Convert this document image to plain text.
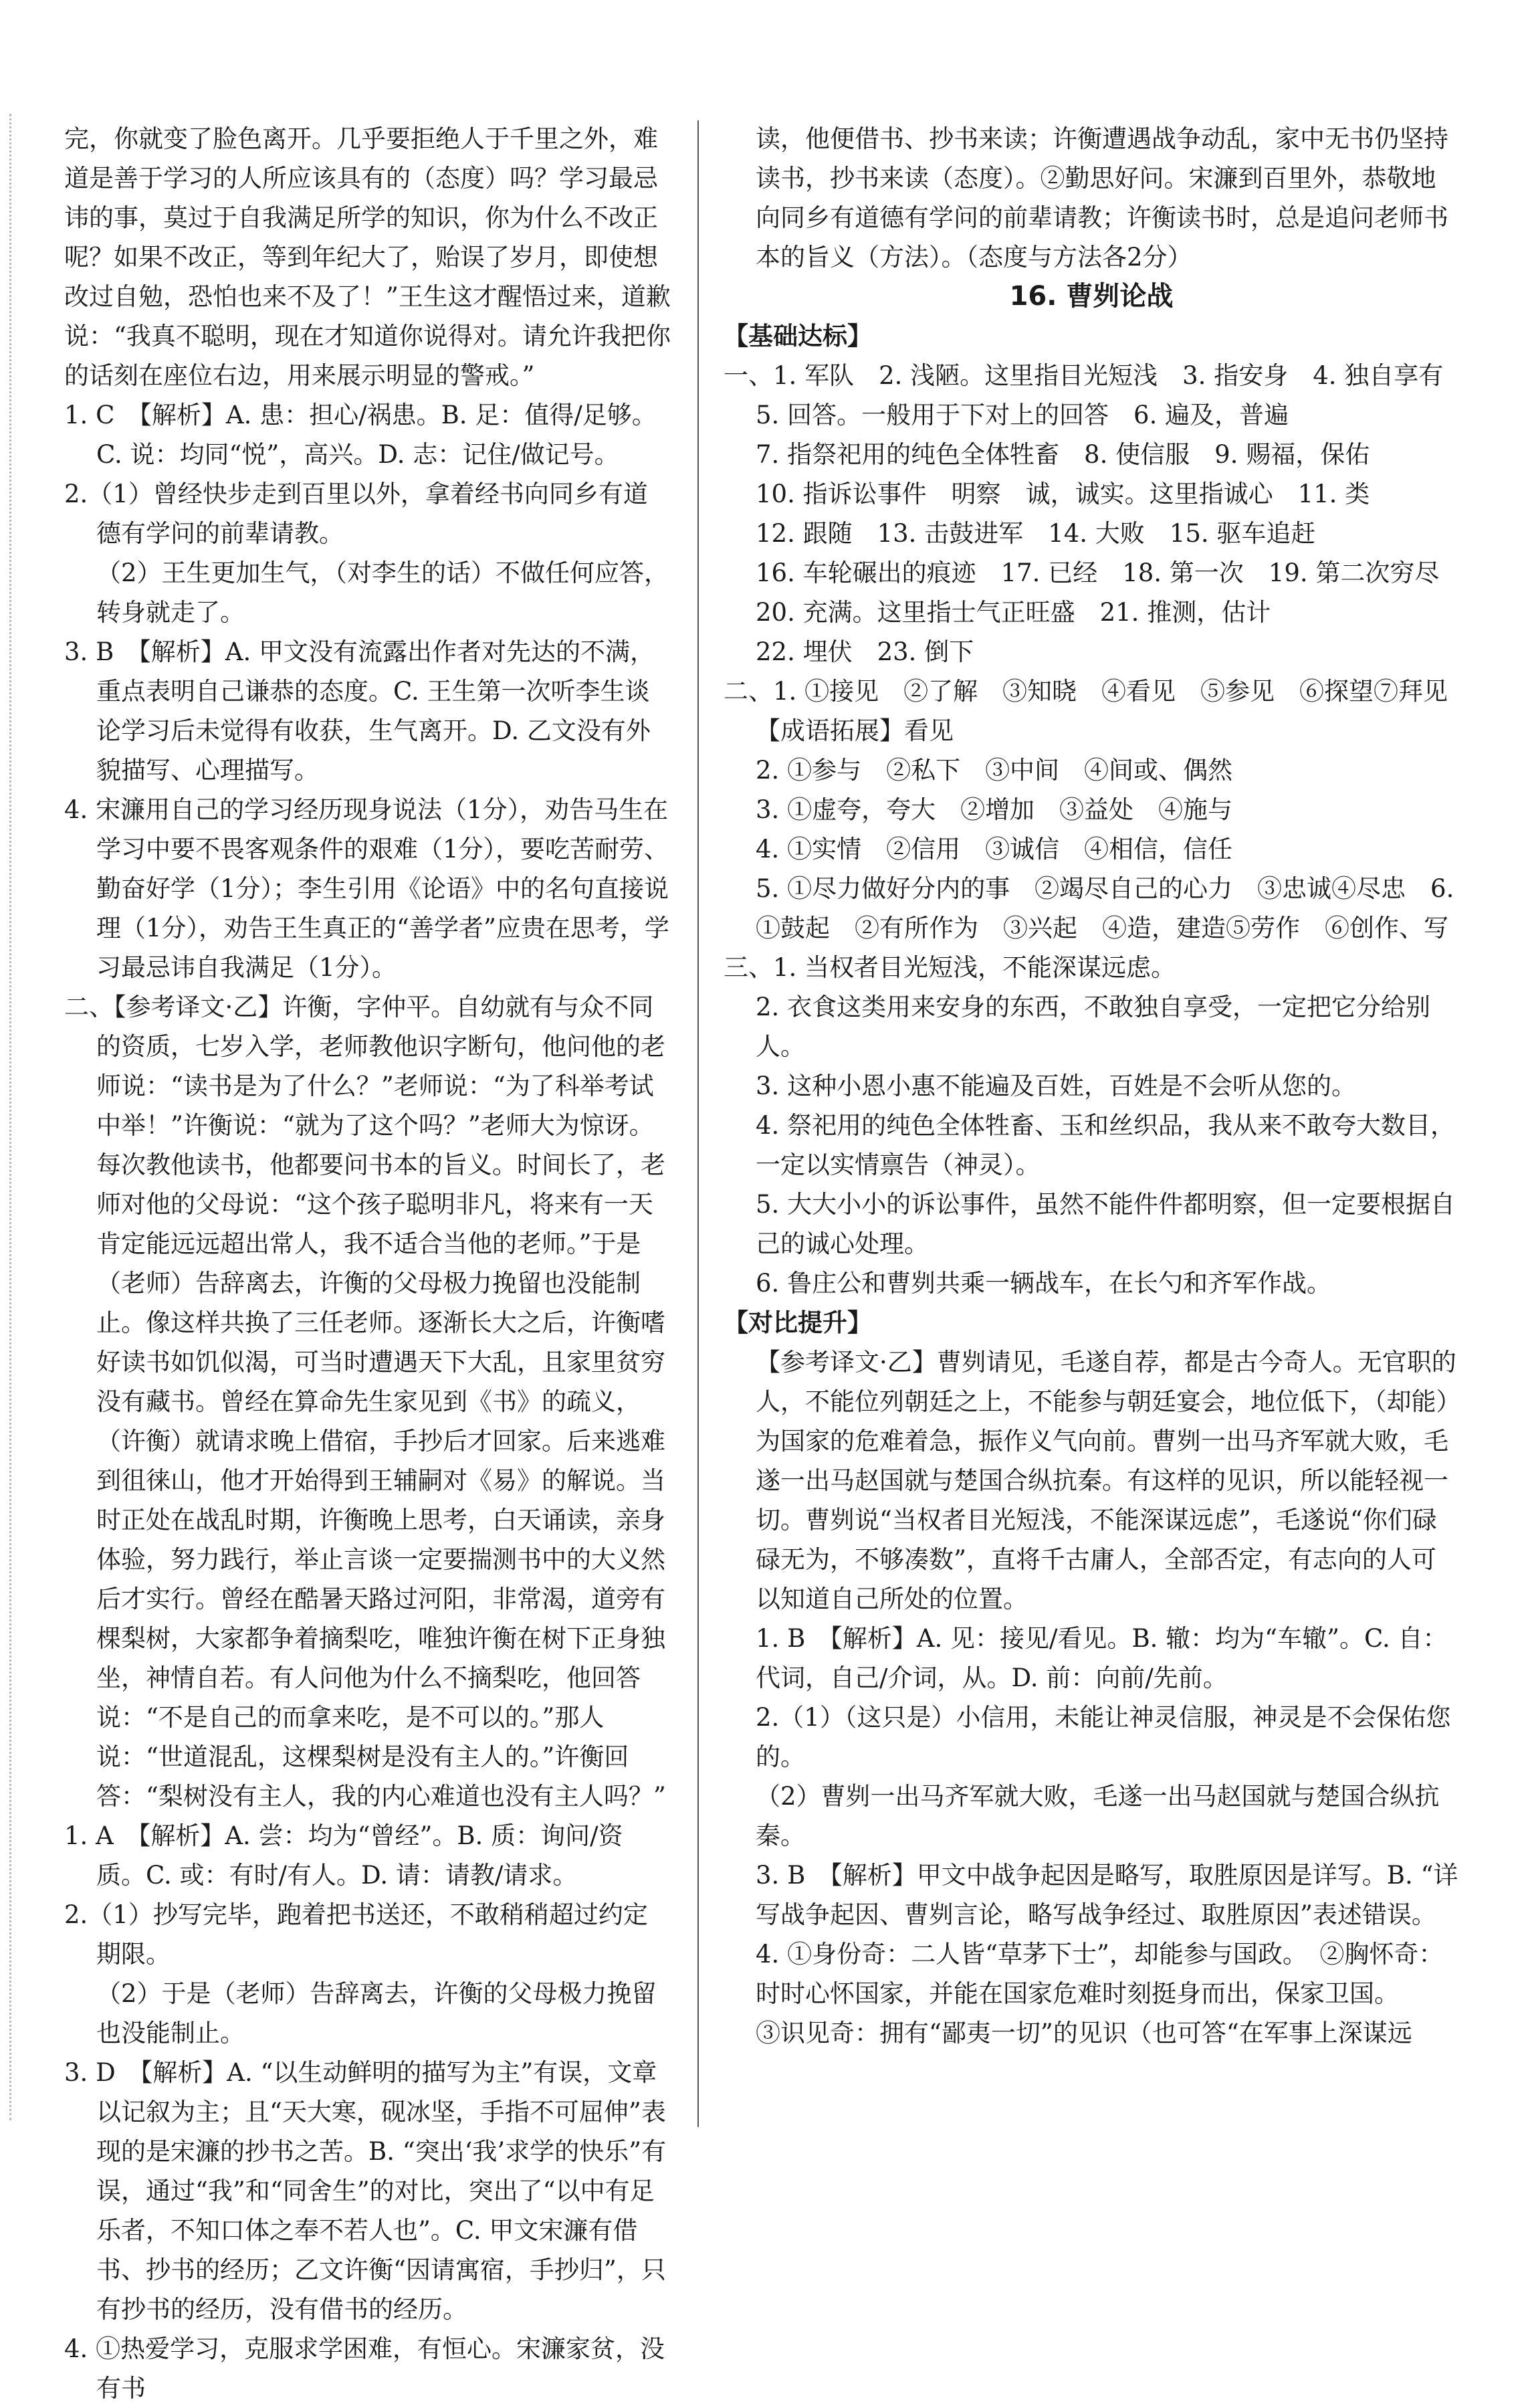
完，你就变了脸色离开。几乎要拒绝人于千里之外，难道是善于学习的人所应该具有的（态度）吗？学习最忌讳的事，莫过于自我满足所学的知识，你为什么不改正呢？如果不改正，等到年纪大了，贻误了岁月，即使想改过自勉，恐怕也来不及了！”王生这才醒悟过来，道歉说：“我真不聪明，现在才知道你说得对。请允许我把你的话刻在座位右边，用来展示明显的警戒。”

1. C　【解析】A. 患：担心/祸患。B. 足：值得/足够。C. 说：均同“悦”，高兴。D. 志：记住/做记号。

2.（1）曾经快步走到百里以外，拿着经书向同乡有道德有学问的前辈请教。

（2）王生更加生气，（对李生的话）不做任何应答，转身就走了。

3. B　【解析】A. 甲文没有流露出作者对先达的不满，重点表明自己谦恭的态度。C. 王生第一次听李生谈论学习后未觉得有收获，生气离开。D. 乙文没有外貌描写、心理描写。

4. 宋濂用自己的学习经历现身说法（1分），劝告马生在学习中要不畏客观条件的艰难（1分），要吃苦耐劳、勤奋好学（1分）；李生引用《论语》中的名句直接说理（1分），劝告王生真正的“善学者”应贵在思考，学习最忌讳自我满足（1分）。

二、【参考译文·乙】许衡，字仲平。自幼就有与众不同的资质，七岁入学，老师教他识字断句，他问他的老师说：“读书是为了什么？”老师说：“为了科举考试中举！”许衡说：“就为了这个吗？”老师大为惊讶。每次教他读书，他都要问书本的旨义。时间长了，老师对他的父母说：“这个孩子聪明非凡，将来有一天肯定能远远超出常人，我不适合当他的老师。”于是（老师）告辞离去，许衡的父母极力挽留也没能制止。像这样共换了三任老师。逐渐长大之后，许衡嗜好读书如饥似渴，可当时遭遇天下大乱，且家里贫穷没有藏书。曾经在算命先生家见到《书》的疏义，（许衡）就请求晚上借宿，手抄后才回家。后来逃难到徂徕山，他才开始得到王辅嗣对《易》的解说。当时正处在战乱时期，许衡晚上思考，白天诵读，亲身体验，努力践行，举止言谈一定要揣测书中的大义然后才实行。曾经在酷暑天路过河阳，非常渴，道旁有棵梨树，大家都争着摘梨吃，唯独许衡在树下正身独坐，神情自若。有人问他为什么不摘梨吃，他回答说：“不是自己的而拿来吃，是不可以的。”那人说：“世道混乱，这棵梨树是没有主人的。”许衡回答：“梨树没有主人，我的内心难道也没有主人吗？”

1. A　【解析】A. 尝：均为“曾经”。B. 质：询问/资质。C. 或：有时/有人。D. 请：请教/请求。

2.（1）抄写完毕，跑着把书送还，不敢稍稍超过约定期限。

（2）于是（老师）告辞离去，许衡的父母极力挽留也没能制止。

3. D　【解析】A. “以生动鲜明的描写为主”有误，文章以记叙为主；且“天大寒，砚冰坚，手指不可屈伸”表现的是宋濂的抄书之苦。B. “突出‘我’求学的快乐”有误，通过“我”和“同舍生”的对比，突出了“以中有足乐者，不知口体之奉不若人也”。C. 甲文宋濂有借书、抄书的经历；乙文许衡“因请寓宿，手抄归”，只有抄书的经历，没有借书的经历。

4. ①热爱学习，克服求学困难，有恒心。宋濂家贫，没有书

读，他便借书、抄书来读；许衡遭遇战争动乱，家中无书仍坚持读书，抄书来读（态度）。②勤思好问。宋濂到百里外，恭敬地向同乡有道德有学问的前辈请教；许衡读书时，总是追问老师书本的旨义（方法）。（态度与方法各2分）

16. 曹刿论战

【基础达标】

一、1. 军队　2. 浅陋。这里指目光短浅　3. 指安身　4. 独自享有　5. 回答。一般用于下对上的回答　6. 遍及，普遍

7. 指祭祀用的纯色全体牲畜　8. 使信服　9. 赐福，保佑

10. 指诉讼事件　明察　诚，诚实。这里指诚心　11. 类

12. 跟随　13. 击鼓进军　14. 大败　15. 驱车追赶

16. 车轮碾出的痕迹　17. 已经　18. 第一次　19. 第二次穷尽　20. 充满。这里指士气正旺盛　21. 推测，估计

22. 埋伏　23. 倒下

二、1. ①接见　②了解　③知晓　④看见　⑤参见　⑥探望⑦拜见　【成语拓展】看见

2. ①参与　②私下　③中间　④间或、偶然

3. ①虚夸，夸大　②增加　③益处　④施与

4. ①实情　②信用　③诚信　④相信，信任

5. ①尽力做好分内的事　②竭尽自己的心力　③忠诚④尽忠　6. ①鼓起　②有所作为　③兴起　④造，建造⑤劳作　⑥创作、写

三、1. 当权者目光短浅，不能深谋远虑。

2. 衣食这类用来安身的东西，不敢独自享受，一定把它分给别人。

3. 这种小恩小惠不能遍及百姓，百姓是不会听从您的。

4. 祭祀用的纯色全体牲畜、玉和丝织品，我从来不敢夸大数目，一定以实情禀告（神灵）。

5. 大大小小的诉讼事件，虽然不能件件都明察，但一定要根据自己的诚心处理。

6. 鲁庄公和曹刿共乘一辆战车，在长勺和齐军作战。

【对比提升】

【参考译文·乙】曹刿请见，毛遂自荐，都是古今奇人。无官职的人，不能位列朝廷之上，不能参与朝廷宴会，地位低下，（却能）为国家的危难着急，振作义气向前。曹刿一出马齐军就大败，毛遂一出马赵国就与楚国合纵抗秦。有这样的见识，所以能轻视一切。曹刿说“当权者目光短浅，不能深谋远虑”，毛遂说“你们碌碌无为，不够凑数”，直将千古庸人，全部否定，有志向的人可以知道自己所处的位置。

1. B　【解析】A. 见：接见/看见。B. 辙：均为“车辙”。C. 自：代词，自己/介词，从。D. 前：向前/先前。

2.（1）（这只是）小信用，未能让神灵信服，神灵是不会保佑您的。

（2）曹刿一出马齐军就大败，毛遂一出马赵国就与楚国合纵抗秦。

3. B　【解析】甲文中战争起因是略写，取胜原因是详写。B. “详写战争起因、曹刿言论，略写战争经过、取胜原因”表述错误。

4. ①身份奇：二人皆“草茅下士”，却能参与国政。　②胸怀奇：时时心怀国家，并能在国家危难时刻挺身而出，保家卫国。

③识见奇：拥有“鄙夷一切”的见识（也可答“在军事上深谋远
